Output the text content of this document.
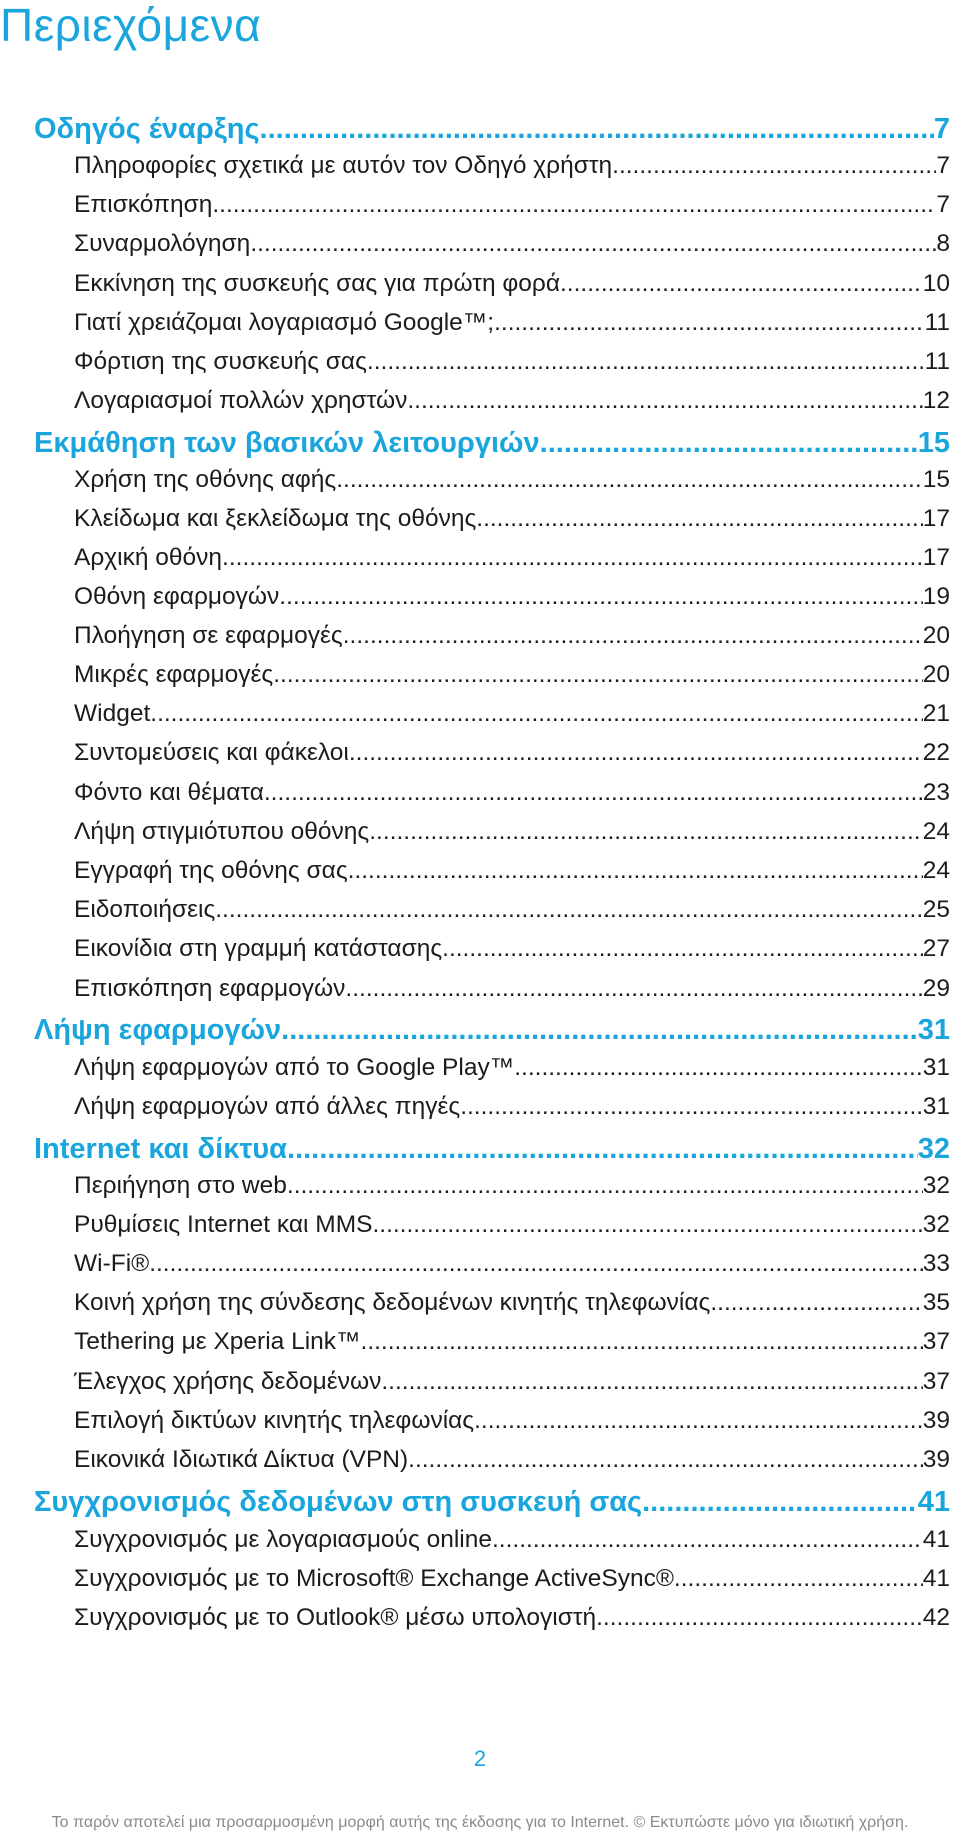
Περιεχόμενα
Οδηγός έναρξης .....	7
Πληροφορίες σχετικά με αυτόν τον Οδηγό χρήστη .....	7
Επισκόπηση .....	7
Συναρμολόγηση .....	8
Εκκίνηση της συσκευής σας για πρώτη φορά .....	10
Γιατί χρειάζομαι λογαριασμό Google™; .....	11
Φόρτιση της συσκευής σας .....	11
Λογαριασμοί πολλών χρηστών .....	12
Εκμάθηση των βασικών λειτουργιών .....	15
Χρήση της οθόνης αφής .....	15
Κλείδωμα και ξεκλείδωμα της οθόνης .....	17
Αρχική οθόνη .....	17
Οθόνη εφαρμογών .....	19
Πλοήγηση σε εφαρμογές .....	20
Μικρές εφαρμογές .....	20
Widget .....	21
Συντομεύσεις και φάκελοι .....	22
Φόντο και θέματα .....	23
Λήψη στιγμιότυπου οθόνης .....	24
Εγγραφή της οθόνης σας .....	24
Ειδοποιήσεις .....	25
Εικονίδια στη γραμμή κατάστασης .....	27
Επισκόπηση εφαρμογών .....	29
Λήψη εφαρμογών .....	31
Λήψη εφαρμογών από το Google Play™ .....	31
Λήψη εφαρμογών από άλλες πηγές .....	31
Internet και δίκτυα .....	32
Περιήγηση στο web .....	32
Ρυθμίσεις Internet και MMS .....	32
Wi-Fi® .....	33
Κοινή χρήση της σύνδεσης δεδομένων κινητής τηλεφωνίας .....	35
Tethering με Xperia Link™ .....	37
Έλεγχος χρήσης δεδομένων .....	37
Επιλογή δικτύων κινητής τηλεφωνίας .....	39
Εικονικά Ιδιωτικά Δίκτυα (VPN) .....	39
Συγχρονισμός δεδομένων στη συσκευή σας .....	41
Συγχρονισμός με λογαριασμούς online .....	41
Συγχρονισμός με το Microsoft® Exchange ActiveSync® .....	41
Συγχρονισμός με το Outlook® μέσω υπολογιστή .....	42
2
Το παρόν αποτελεί μια προσαρμοσμένη μορφή αυτής της έκδοσης για το Internet. © Εκτυπώστε μόνο για ιδιωτική χρήση.
